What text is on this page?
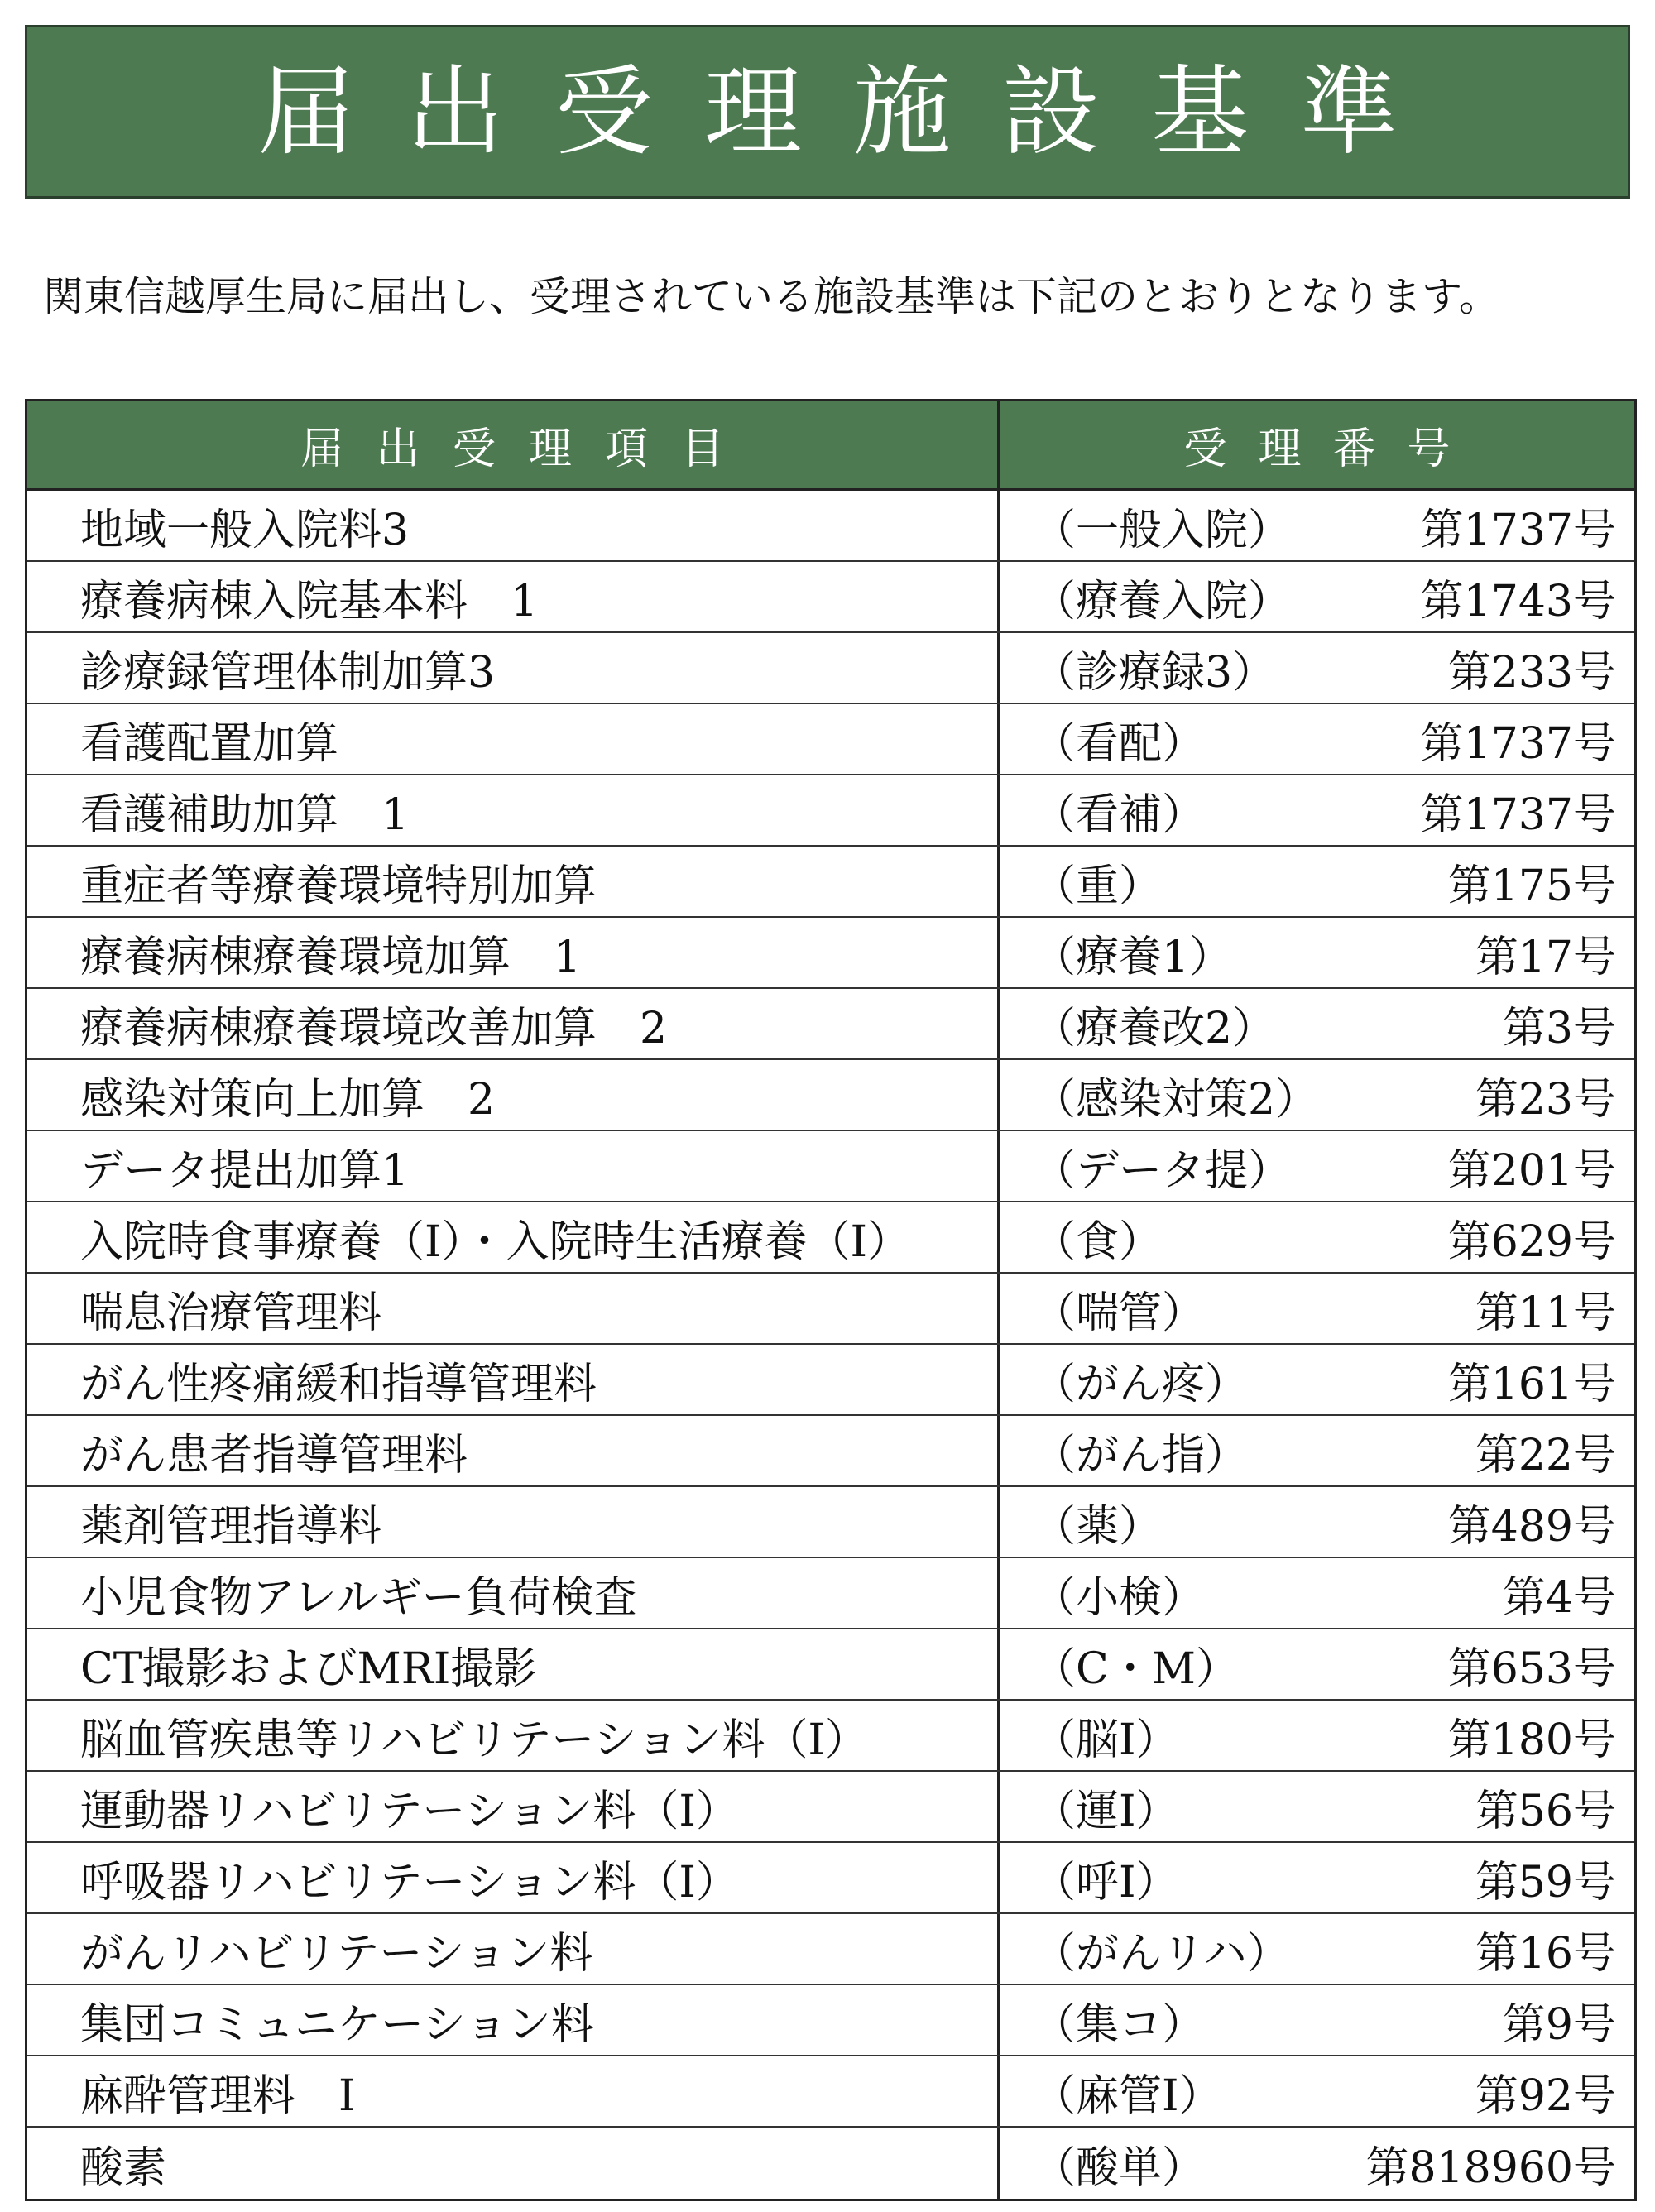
届出受理施設基準
関東信越厚生局に届出し、受理されている施設基準は下記のとおりとなります。
届出受理項目	受理番号
地域一般入院料3	（一般入院）	第1737号
療養病棟入院基本料　1	（療養入院）	第1743号
診療録管理体制加算3	（診療録3）	第233号
看護配置加算	（看配）	第1737号
看護補助加算　1	（看補）	第1737号
重症者等療養環境特別加算	（重）	第175号
療養病棟療養環境加算　1	（療養1）	第17号
療養病棟療養環境改善加算　2	（療養改2）	第3号
感染対策向上加算　2	（感染対策2）	第23号
データ提出加算1	（データ提）	第201号
入院時食事療養（Ⅰ）・入院時生活療養（Ⅰ）	（食）	第629号
喘息治療管理料	（喘管）	第11号
がん性疼痛緩和指導管理料	（がん疼）	第161号
がん患者指導管理料	（がん指）	第22号
薬剤管理指導料	（薬）	第489号
小児食物アレルギー負荷検査	（小検）	第4号
CT撮影およびMRI撮影	（C・M）	第653号
脳血管疾患等リハビリテーション料（Ⅰ）	（脳Ⅰ）	第180号
運動器リハビリテーション料（Ⅰ）	（運Ⅰ）	第56号
呼吸器リハビリテーション料（Ⅰ）	（呼Ⅰ）	第59号
がんリハビリテーション料	（がんリハ）	第16号
集団コミュニケーション料	（集コ）	第9号
麻酔管理料　Ⅰ	（麻管Ⅰ）	第92号
酸素	（酸単）	第818960号
